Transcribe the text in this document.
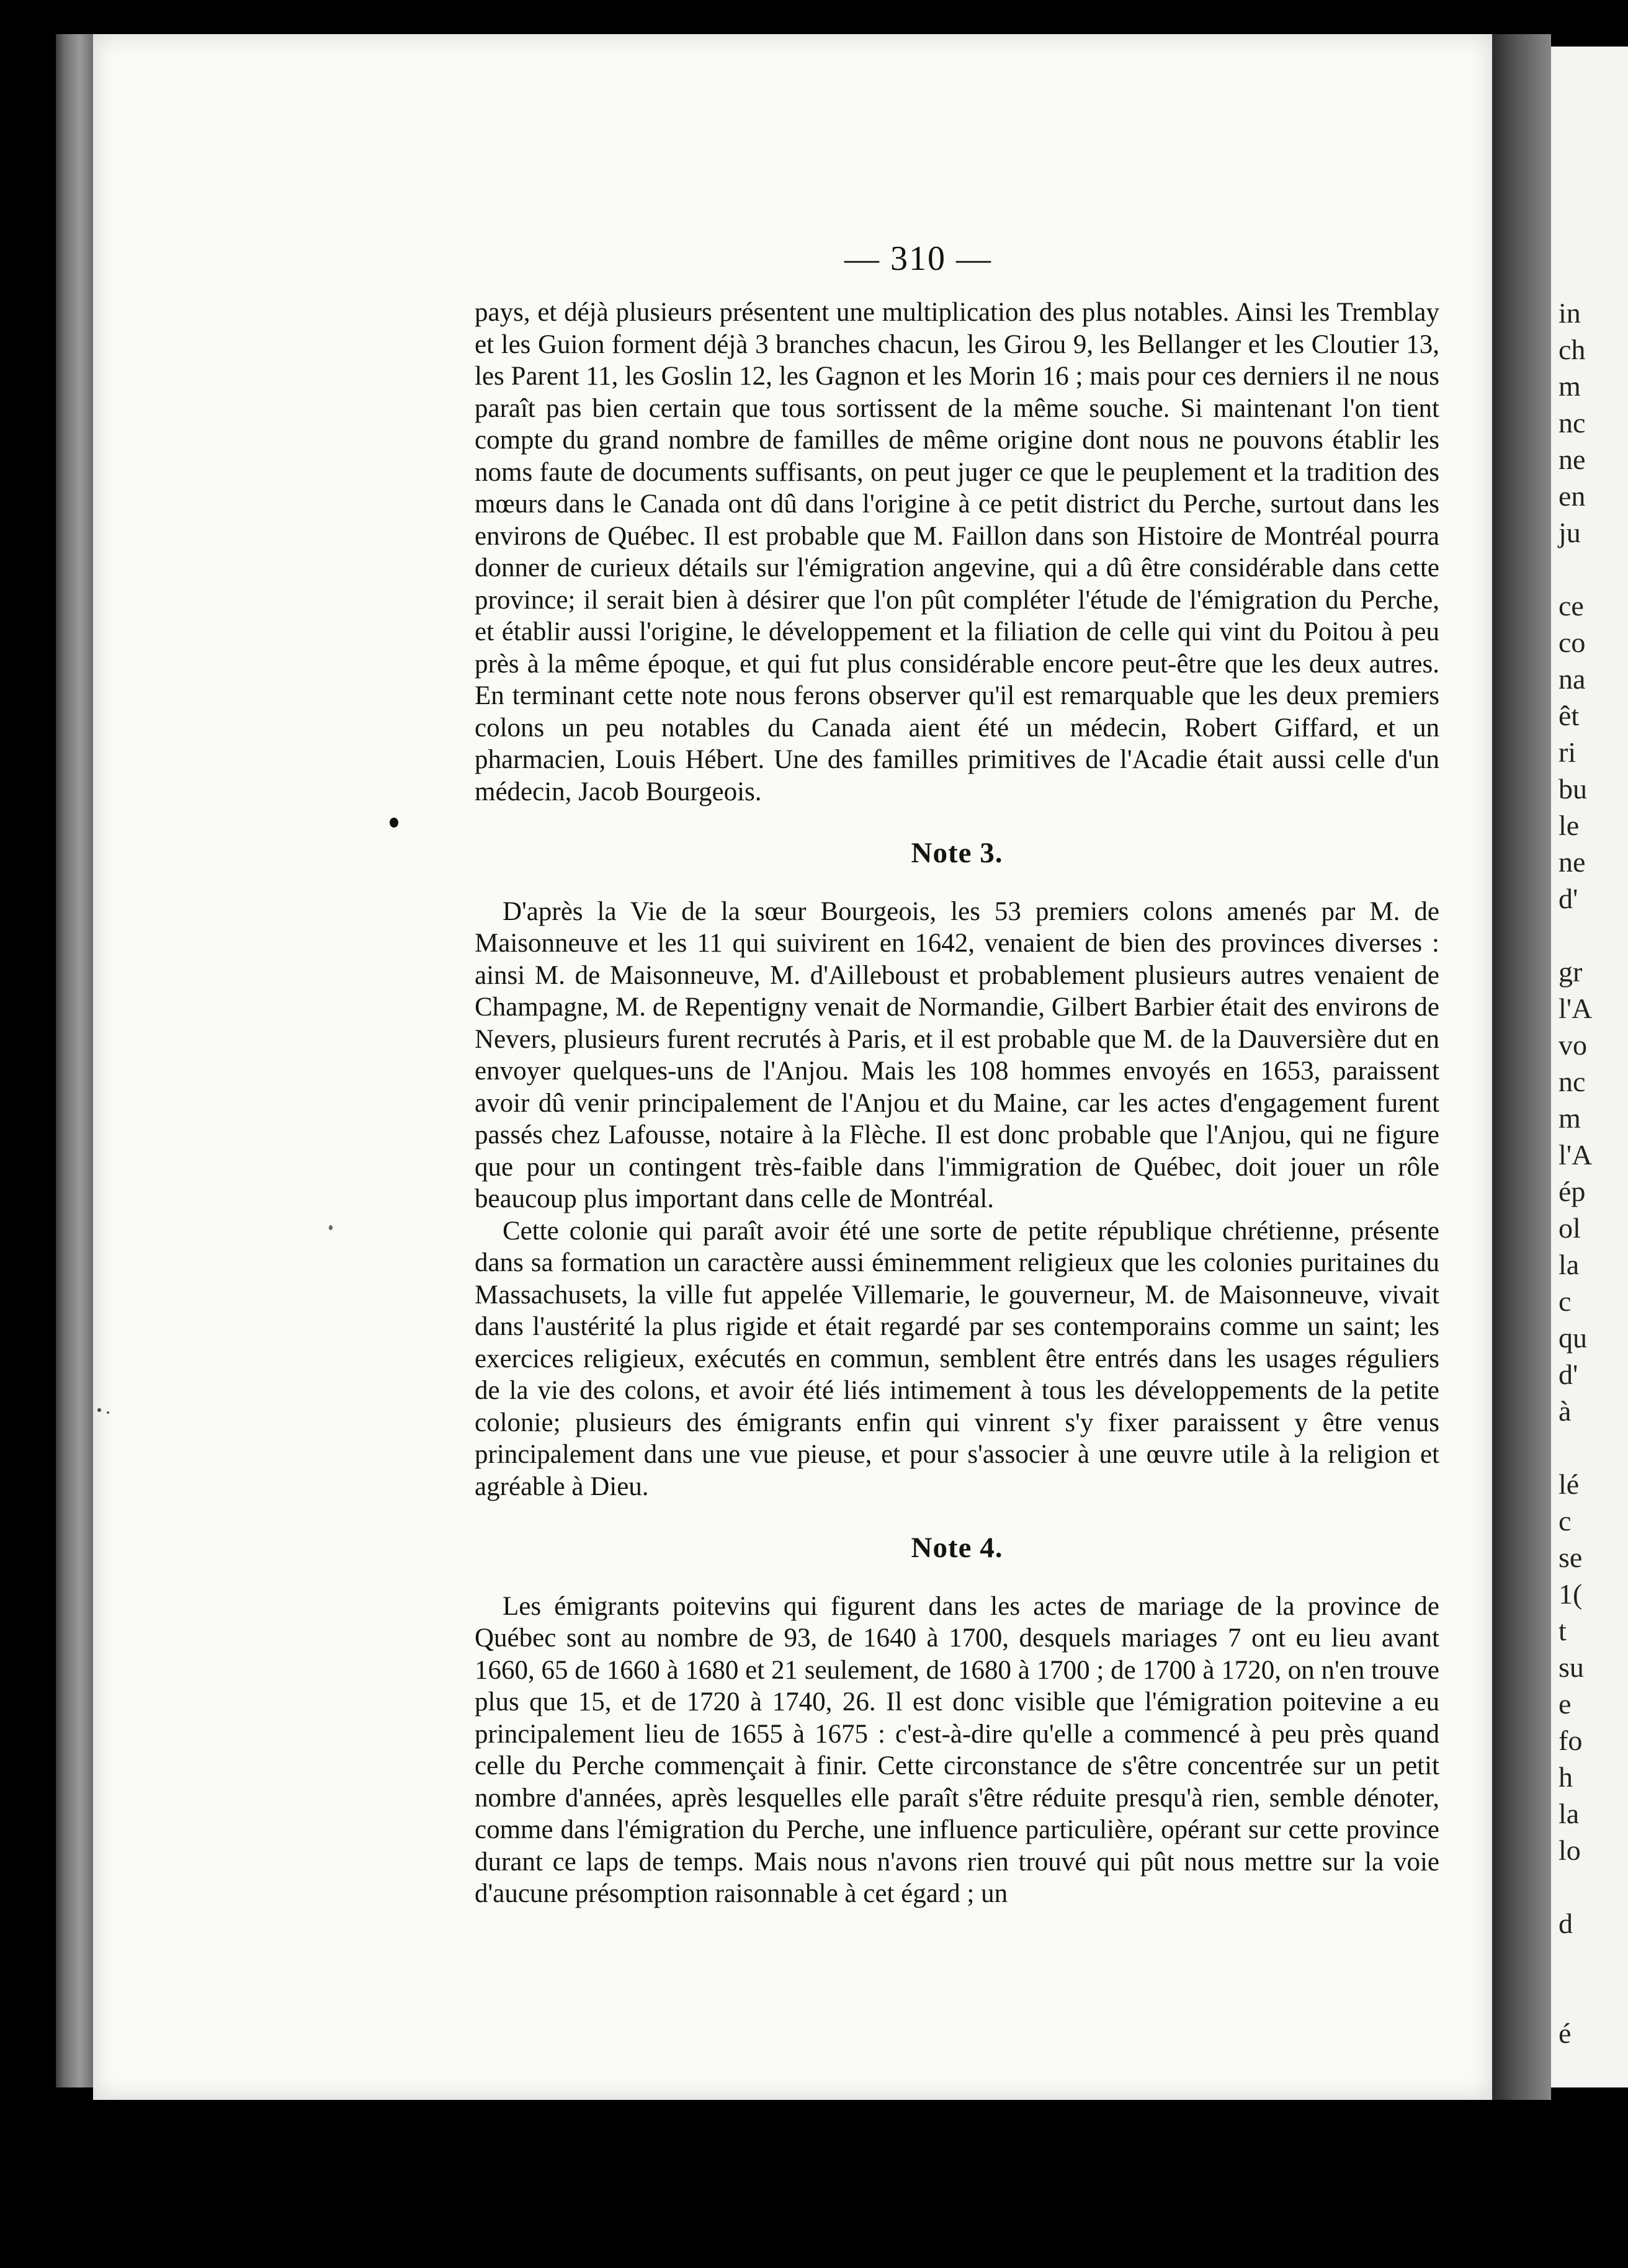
in
ch
m
nc
ne
en
ju

ce
co
na
êt
ri
bu
le
ne
d'

gr
l'A
vo
nc
m
l'A
ép
ol
la
c
qu
d'
à

lé
c
se
1(
t
su
e
fo
h
la
lo

d

é
— 310 —

pays, et déjà plusieurs présentent une multiplication des plus notables. Ainsi les Tremblay et les Guion forment déjà 3 branches chacun, les Girou 9, les Bellanger et les Cloutier 13, les Parent 11, les Goslin 12, les Gagnon et les Morin 16 ; mais pour ces derniers il ne nous paraît pas bien certain que tous sortissent de la même souche. Si maintenant l'on tient compte du grand nombre de familles de même origine dont nous ne pouvons établir les noms faute de documents suffisants, on peut juger ce que le peuplement et la tradition des mœurs dans le Canada ont dû dans l'origine à ce petit district du Perche, surtout dans les environs de Québec. Il est probable que M. Faillon dans son Histoire de Montréal pourra donner de curieux détails sur l'émigration angevine, qui a dû être considérable dans cette province; il serait bien à désirer que l'on pût compléter l'étude de l'émigration du Perche, et établir aussi l'origine, le développement et la filiation de celle qui vint du Poitou à peu près à la même époque, et qui fut plus considérable encore peut-être que les deux autres. En terminant cette note nous ferons observer qu'il est remarquable que les deux premiers colons un peu notables du Canada aient été un médecin, Robert Giffard, et un pharmacien, Louis Hébert. Une des familles primitives de l'Acadie était aussi celle d'un médecin, Jacob Bourgeois.

Note 3.

D'après la Vie de la sœur Bourgeois, les 53 premiers colons amenés par M. de Maisonneuve et les 11 qui suivirent en 1642, venaient de bien des provinces diverses : ainsi M. de Maisonneuve, M. d'Ailleboust et probablement plusieurs autres venaient de Champagne, M. de Repentigny venait de Normandie, Gilbert Barbier était des environs de Nevers, plusieurs furent recrutés à Paris, et il est probable que M. de la Dauversière dut en envoyer quelques-uns de l'Anjou. Mais les 108 hommes envoyés en 1653, paraissent avoir dû venir principalement de l'Anjou et du Maine, car les actes d'engagement furent passés chez Lafousse, notaire à la Flèche. Il est donc probable que l'Anjou, qui ne figure que pour un contingent très-faible dans l'immigration de Québec, doit jouer un rôle beaucoup plus important dans celle de Montréal.

Cette colonie qui paraît avoir été une sorte de petite république chrétienne, présente dans sa formation un caractère aussi éminemment religieux que les colonies puritaines du Massachusets, la ville fut appelée Villemarie, le gouverneur, M. de Maisonneuve, vivait dans l'austérité la plus rigide et était regardé par ses contemporains comme un saint; les exercices religieux, exécutés en commun, semblent être entrés dans les usages réguliers de la vie des colons, et avoir été liés intimement à tous les développements de la petite colonie; plusieurs des émigrants enfin qui vinrent s'y fixer paraissent y être venus principalement dans une vue pieuse, et pour s'associer à une œuvre utile à la religion et agréable à Dieu.

Note 4.

Les émigrants poitevins qui figurent dans les actes de mariage de la province de Québec sont au nombre de 93, de 1640 à 1700, desquels mariages 7 ont eu lieu avant 1660, 65 de 1660 à 1680 et 21 seulement, de 1680 à 1700 ; de 1700 à 1720, on n'en trouve plus que 15, et de 1720 à 1740, 26. Il est donc visible que l'émigration poitevine a eu principalement lieu de 1655 à 1675 : c'est-à-dire qu'elle a commencé à peu près quand celle du Perche commençait à finir. Cette circonstance de s'être concentrée sur un petit nombre d'années, après lesquelles elle paraît s'être réduite presqu'à rien, semble dénoter, comme dans l'émigration du Perche, une influence particulière, opérant sur cette province durant ce laps de temps. Mais nous n'avons rien trouvé qui pût nous mettre sur la voie d'aucune présomption raisonnable à cet égard ; un
